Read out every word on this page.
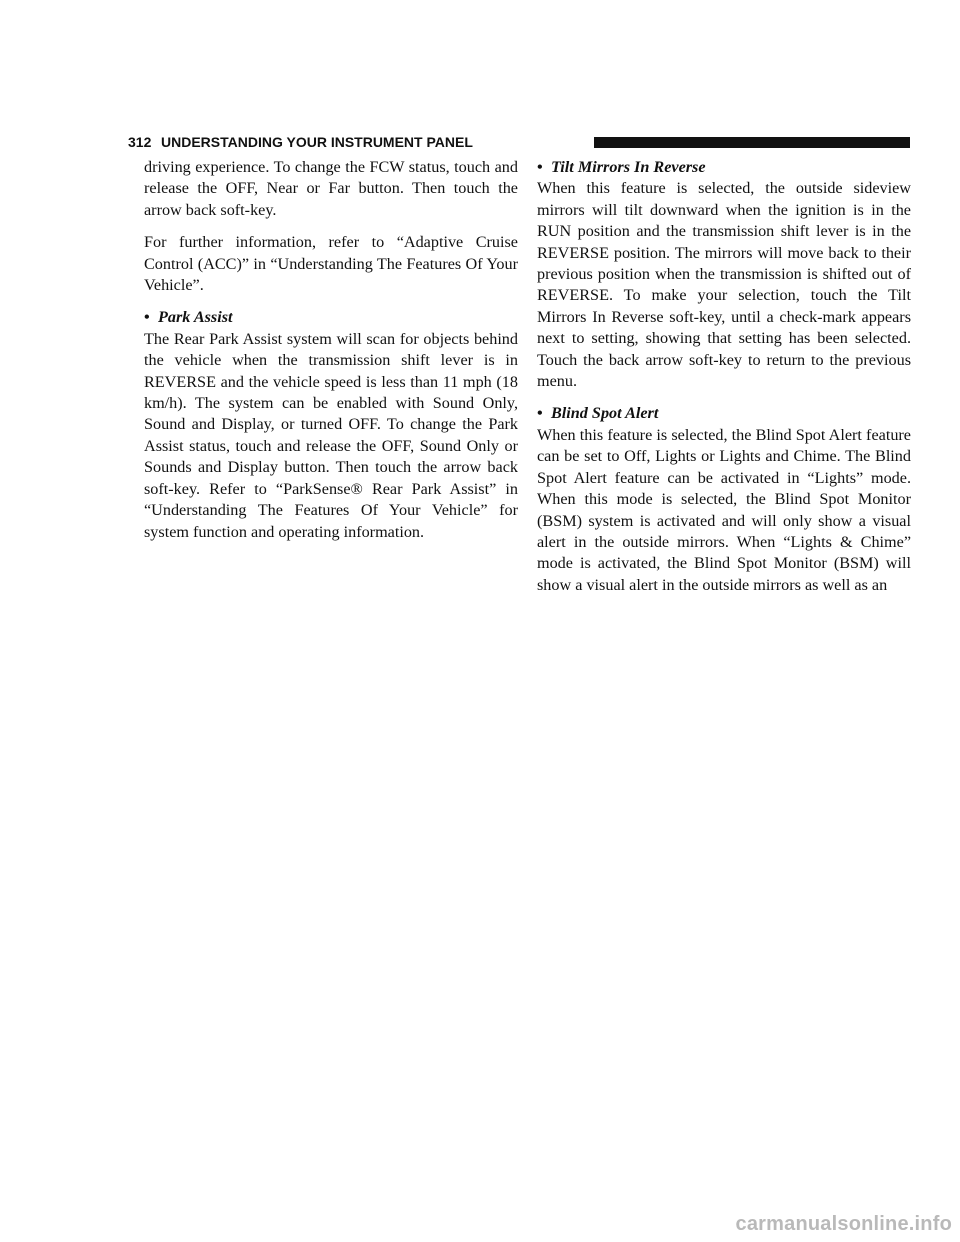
312 UNDERSTANDING YOUR INSTRUMENT PANEL

driving experience. To change the FCW status, touch and release the OFF, Near or Far button. Then touch the arrow back soft-key.

For further information, refer to “Adaptive Cruise Control (ACC)” in “Understanding The Features Of Your Vehicle”.

• Park Assist

The Rear Park Assist system will scan for objects behind the vehicle when the transmission shift lever is in REVERSE and the vehicle speed is less than 11 mph (18 km/h). The system can be enabled with Sound Only, Sound and Display, or turned OFF. To change the Park Assist status, touch and release the OFF, Sound Only or Sounds and Display button. Then touch the arrow back soft-key. Refer to “ParkSense® Rear Park Assist” in “Understanding The Features Of Your Vehicle” for system function and operating information.

• Tilt Mirrors In Reverse

When this feature is selected, the outside sideview mirrors will tilt downward when the ignition is in the RUN position and the transmission shift lever is in the REVERSE position. The mirrors will move back to their previous position when the transmission is shifted out of REVERSE. To make your selection, touch the Tilt Mirrors In Reverse soft-key, until a check-mark appears next to setting, showing that setting has been selected. Touch the back arrow soft-key to return to the previous menu.

• Blind Spot Alert

When this feature is selected, the Blind Spot Alert feature can be set to Off, Lights or Lights and Chime. The Blind Spot Alert feature can be activated in “Lights” mode. When this mode is selected, the Blind Spot Monitor (BSM) system is activated and will only show a visual alert in the outside mirrors. When “Lights & Chime” mode is activated, the Blind Spot Monitor (BSM) will show a visual alert in the outside mirrors as well as an

carmanualsonline.info
